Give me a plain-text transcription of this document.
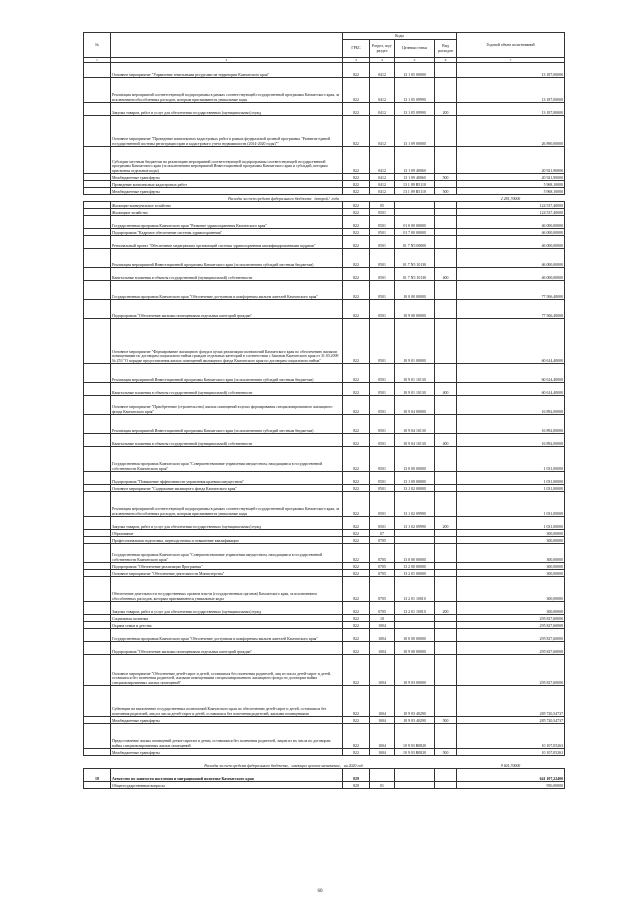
№		Коды				Годовой объем ассигнований
		ГРБС	Раздел, под- раздел	Целевая статья	Вид расходов	
1	2	3	4	5	6	7
	Основное мероприятие "Управление земельными ресурсами на территории Камчатского края"	822	0412	13 1 05 00000		13 187,00000
	Реализация мероприятий соответствующей подпрограммы в рамках соответствующей государственной программы Камчатского края, за исключением обособленных расходов, которым присваиваются уникальные коды	822	0412	13 1 05 09990		13 187,00000
	Закупка товаров, работ и услуг для обеспечения государственных (муниципальных) нужд	822	0412	13 1 05 09990	200	13 187,00000
	Основное мероприятие "Проведение комплексных кадастровых работ в рамках федеральной целевой программы "Развитие единой государственной системы регистрации прав и кадастрового учета недвижимости (2014-2020 годы)""	822	0412	13 1 09 00000		26 890,00000
	Субсидии местным бюджетам на реализацию мероприятий соответствующей подпрограммы соответствующей государственной программы Камчатского края (за исключением мероприятий Инвестиционной программы Камчатского края и субсидий, которым присвоены отдельные коды)	822	0412	13 1 09 40060		20 921,90000
	Межбюджетные трансферты	822	0412	13 1 09 40060	500	20 921,90000
	Проведение комплексных кадастровых работ	822	0412	13 1 09 R5110		5 968,10000
	Межбюджетные трансферты	822	0412	13 1 09 R5110	500	5 968,10000
	Расходы за счет средств федерального бюджета（второй）года					2 281,70000
	Жилищно-коммунальное хозяйство	822	05			124 537,40000
	Жилищное хозяйство	822	0501			124 537,40000
	Государственная программа Камчатского края "Развитие здравоохранения Камчатского края"	822	0501	01 0 00 00000		46 000,00000
	Подпрограмма "Кадровое обеспечение системы здравоохранения"	822	0501	01 7 00 00000		46 000,00000
	Региональный проект "Обеспечение медицинских организаций системы здравоохранения квалифицированными кадрами"	822	0501	01 7 N5 00000		46 000,00000
	Реализация мероприятий Инвестиционной программы Камчатского края (за исключением субсидий местным бюджетам)	822	0501	01 7 N5 10130		46 000,00000
	Капитальные вложения в объекты государственной (муниципальной) собственности	822	0501	01 7 N5 10130	400	46 000,00000
	Государственная программа Камчатского края "Обеспечение доступным и комфортным жильем жителей Камчатского края"	822	0501	10 0 00 00000		77 506,40000
	Подпрограмма "Обеспечение жилыми помещениями отдельных категорий граждан"	822	0501	10 9 00 00000		77 506,40000
	Основное мероприятие "Формирование жилищного фонда в целях реализации полномочий Камчатского края по обеспечению жилыми помещениями по договорам социального найма граждан отдельных категорий в соответствии с Законом Камчатского края от 31.03.2009 № 253 "О порядке предоставления жилых помещений жилищного фонда Камчатского края по договорам социального найма"	822	0501	10 9 01 00000		60 614,40000
	Реализация мероприятий Инвестиционной программы Камчатского края (за исключением субсидий местным бюджетам)	822	0501	10 9 01 10130		60 614,40000
	Капитальные вложения в объекты государственной (муниципальной) собственности	822	0501	10 9 01 10130	400	60 614,40000
	Основное мероприятие "Приобретение (строительство) жилых помещений в целях формирования специализированного жилищного фонда Камчатского края"	822	0501	10 9 04 00000		16 892,00000
	Реализация мероприятий Инвестиционной программы Камчатского края (за исключением субсидий местным бюджетам)	822	0501	10 9 04 10130		16 892,00000
	Капитальные вложения в объекты государственной (муниципальной) собственности	822	0501	10 9 04 10130	400	16 892,00000
	Государственная программа Камчатского края "Совершенствование управления имуществом, находящимся в государственной собственности Камчатского края"	822	0501	13 0 00 00000		1 031,00000
	Подпрограмма "Повышение эффективности управления краевым имуществом"	822	0501	13 1 00 00000		1 031,00000
	Основное мероприятие "Содержание жилищного фонда Камчатского края"	822	0501	13 1 02 00000		1 031,00000
	Реализация мероприятий соответствующей подпрограммы в рамках соответствующей государственной программы Камчатского края, за исключением обособленных расходов, которым присваиваются уникальные коды	822	0501	13 1 02 09990		1 031,00000
	Закупка товаров, работ и услуг для обеспечения государственных (муниципальных) нужд	822	0501	13 1 02 09990	200	1 031,00000
	Образование	822	07			300,00000
	Профессиональная подготовка, переподготовка и повышение квалификации	822	0705			300,00000
	Государственная программа Камчатского края "Совершенствование управления имуществом, находящимся в государственной собственности Камчатского края"	822	0705	13 0 00 00000		300,00000
	Подпрограмма "Обеспечение реализации Программы"	822	0705	13 2 00 00000		300,00000
	Основное мероприятие "Обеспечение деятельности Министерства"	822	0705	13 2 01 00000		300,00000
	Обеспечение деятельности государственных органов власти (государственных органов) Камчатского края, за исключением обособленных расходов, которым присваиваются уникальные коды	822	0705	13 2 01 10010		300,00000
	Закупка товаров, работ и услуг для обеспечения государственных (муниципальных) нужд	822	0705	13 2 01 10010	200	300,00000
	Социальная политика	822	10			295 827,60000
	Охрана семьи и детства	822	1004			295 827,60000
	Государственная программа Камчатского края "Обеспечение доступным и комфортным жильем жителей Камчатского края"	822	1004	10 0 00 00000		295 827,60000
	Подпрограмма "Обеспечение жилыми помещениями отдельных категорий граждан"	822	1004	10 9 00 00000		295 827,60000
	Основное мероприятие "Обеспечение детей-сирот и детей, оставшихся без попечения родителей, лиц из числа детей-сирот и детей, оставшихся без попечения родителей, жилыми помещениями специализированного жилищного фонда по договорам найма специализированных жилых помещений"	822	1004	10 9 03 00000		295 827,60000
	Субвенции на выполнение государственных полномочий Камчатского края по обеспечению детей-сирот и детей, оставшихся без попечения родителей, лиц из числа детей-сирот и детей, оставшихся без попечения родителей, жилыми помещениями	822	1004	10 9 03 40290		285 720,54737
	Межбюджетные трансферты	822	1004	10 9 03 40290	500	285 720,54737
	Предоставление жилых помещений детям-сиротам и детям, оставшимся без попечения родителей, лицам из их числа по договорам найма специализированных жилых помещений	822	1004	10 9 03 R0820		10 107,05263
	Межбюджетные трансферты	822	1004	10 9 03 R0820	500	10 107,05263
	Расходы за счет средств федерального бюджета，имеющих целевое назначение，на 2020 год					9 601,70000
18	Агентство по занятости населения и миграционной политике Камчатского края	829				641 107,22400
	Общегосударственные вопросы	829	01			950,00000
60
